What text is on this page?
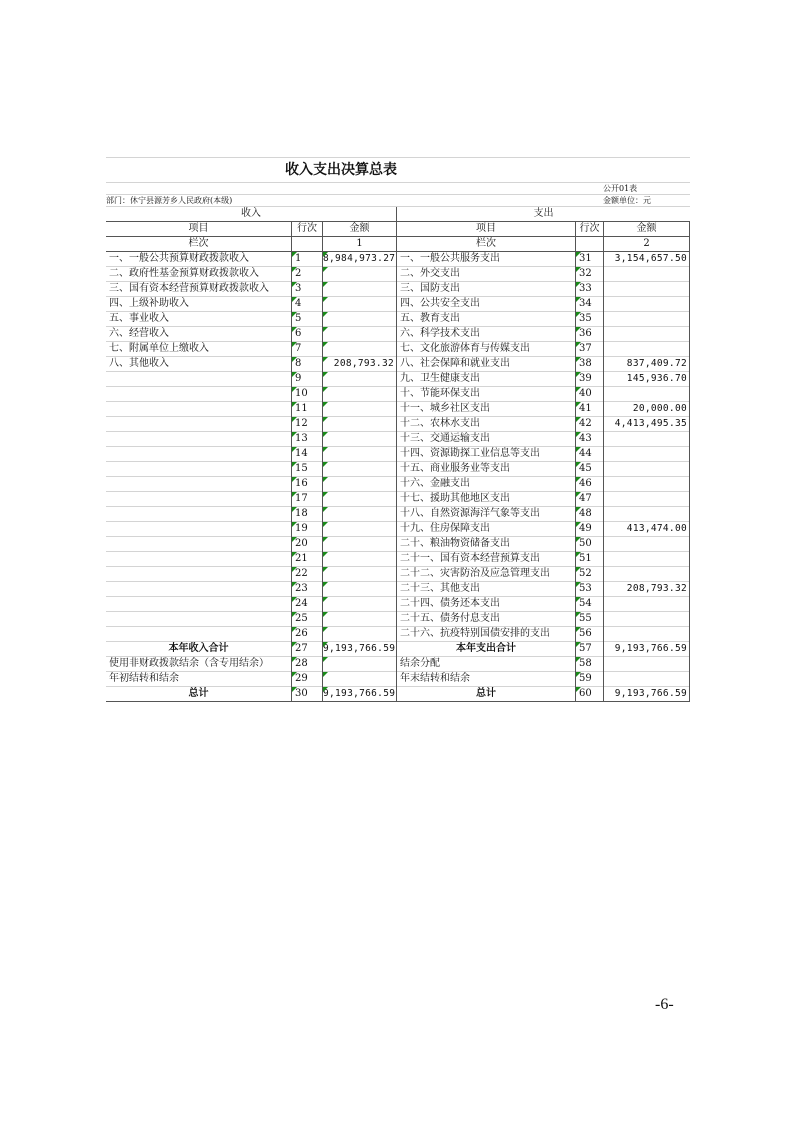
收入支出决算总表
公开01表
部门：休宁县源芳乡人民政府(本级)	金额单位：元
收入	支出
项目	行次	金额	项目	行次	金额
栏次	1	栏次	2
一、一般公共预算财政拨款收入	1	8,984,973.27 一、一般公共服务支出	31	3,154,657.50
二、政府性基金预算财政拨款收入	2	二、外交支出	32
三、国有资本经营预算财政拨款收入	3	三、国防支出	33
四、上级补助收入	4	四、公共安全支出	34
五、事业收入	5	五、教育支出	35
六、经营收入	6	六、科学技术支出	36
七、附属单位上缴收入	7	七、文化旅游体育与传媒支出	37
八、其他收入	8	208,793.32 八、社会保障和就业支出	38	837,409.72
9	九、卫生健康支出	39	145,936.70
10	十、节能环保支出	40
11	十一、城乡社区支出	41	20,000.00
12	十二、农林水支出	42	4,413,495.35
13	十三、交通运输支出	43
14	十四、资源勘探工业信息等支出	44
15	十五、商业服务业等支出	45
16	十六、金融支出	46
17	十七、援助其他地区支出	47
18	十八、自然资源海洋气象等支出	48
19	十九、住房保障支出	49	413,474.00
20	二十、粮油物资储备支出	50
21	二十一、国有资本经营预算支出	51
22	二十二、灾害防治及应急管理支出	52
23	二十三、其他支出	53	208,793.32
24	二十四、债务还本支出	54
25	二十五、债务付息支出	55
26	二十六、抗疫特别国债安排的支出	56
本年收入合计	27	9,193,766.59	本年支出合计	57	9,193,766.59
使用非财政拨款结余（含专用结余）	28	结余分配	58
年初结转和结余	29	年末结转和结余	59
总计	30	9,193,766.59	总计	60	9,193,766.59
-6-
